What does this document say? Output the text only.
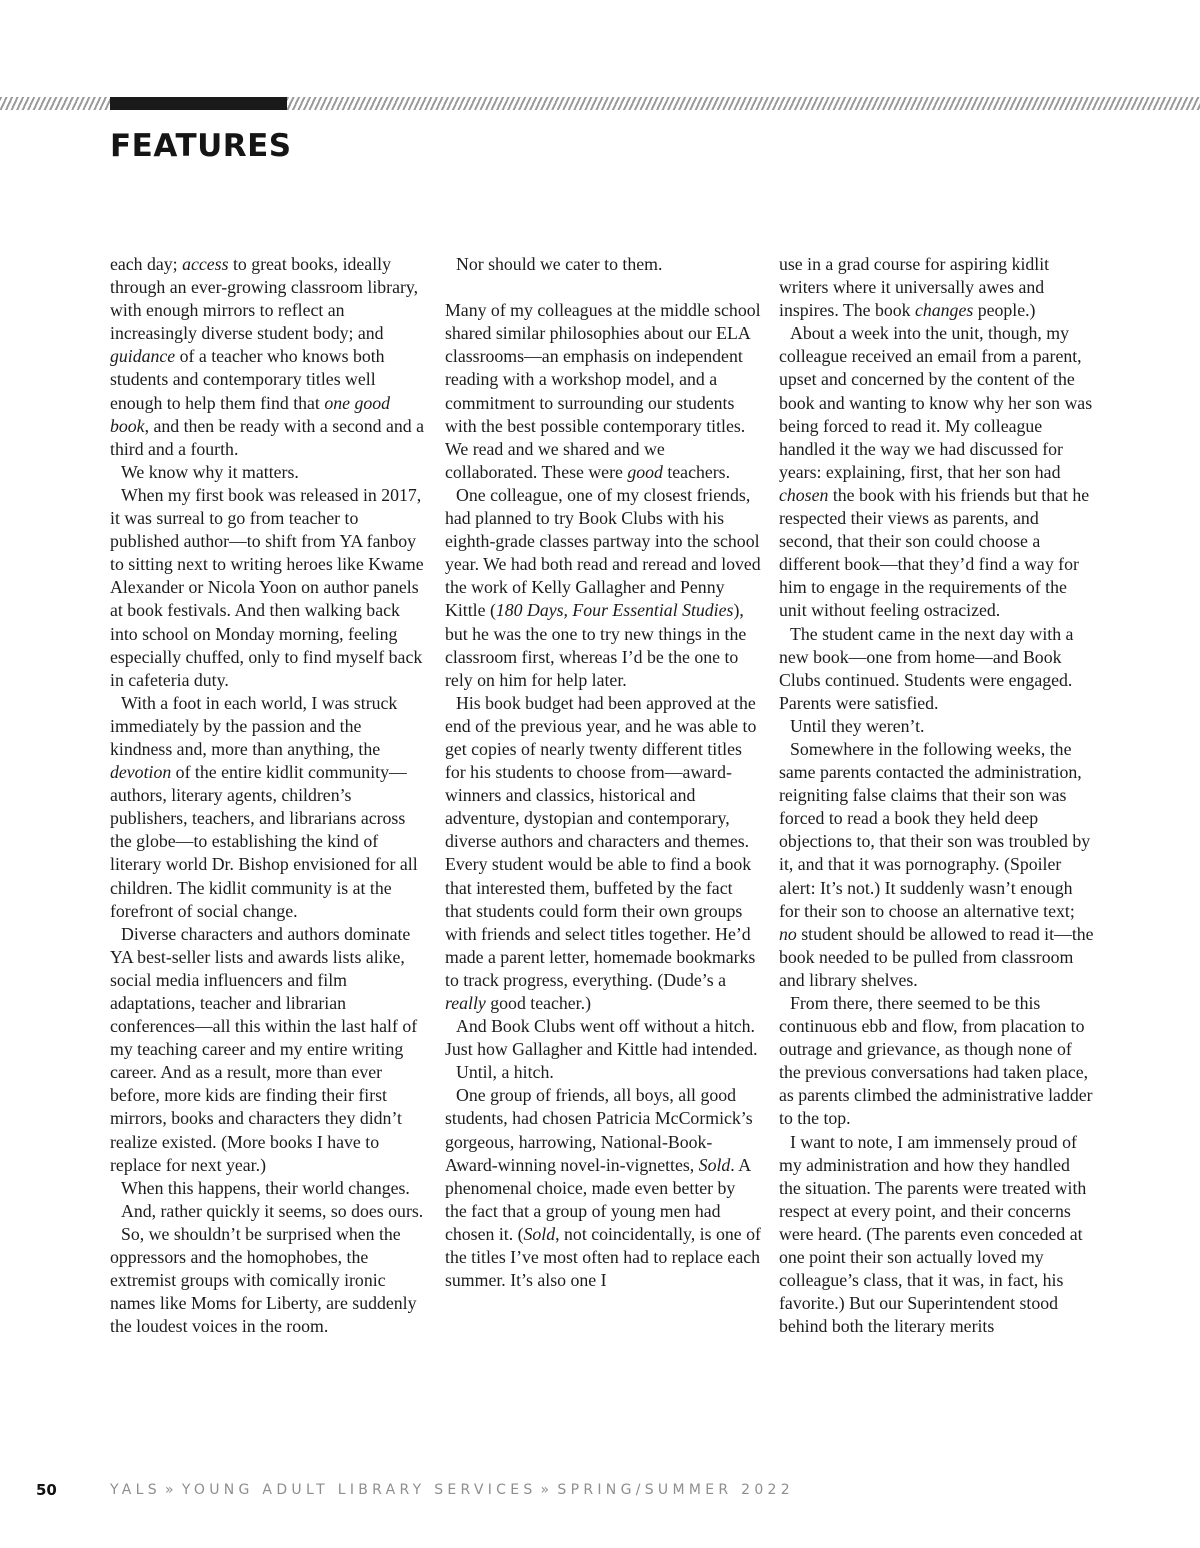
FEATURES

each day; access to great books, ideally through an ever-growing classroom library, with enough mirrors to reflect an increasingly diverse student body; and guidance of a teacher who knows both students and contemporary titles well enough to help them find that one good book, and then be ready with a second and a third and a fourth.

We know why it matters.

When my first book was released in 2017, it was surreal to go from teacher to published author—to shift from YA fanboy to sitting next to writing heroes like Kwame Alexander or Nicola Yoon on author panels at book festivals. And then walking back into school on Monday morning, feeling especially chuffed, only to find myself back in cafeteria duty.

With a foot in each world, I was struck immediately by the passion and the kindness and, more than anything, the devotion of the entire kidlit community—authors, literary agents, children’s publishers, teachers, and librarians across the globe—to establishing the kind of literary world Dr. Bishop envisioned for all children. The kidlit community is at the forefront of social change.

Diverse characters and authors dominate YA best-seller lists and awards lists alike, social media influencers and film adaptations, teacher and librarian conferences—all this within the last half of my teaching career and my entire writing career. And as a result, more than ever before, more kids are finding their first mirrors, books and characters they didn’t realize existed. (More books I have to replace for next year.)

When this happens, their world changes.

And, rather quickly it seems, so does ours.

So, we shouldn’t be surprised when the oppressors and the homophobes, the extremist groups with comically ironic names like Moms for Liberty, are suddenly the loudest voices in the room.

Nor should we cater to them.

Many of my colleagues at the middle school shared similar philosophies about our ELA classrooms—an emphasis on independent reading with a workshop model, and a commitment to surrounding our students with the best possible contemporary titles. We read and we shared and we collaborated. These were good teachers.

One colleague, one of my closest friends, had planned to try Book Clubs with his eighth-grade classes partway into the school year. We had both read and reread and loved the work of Kelly Gallagher and Penny Kittle (180 Days, Four Essential Studies), but he was the one to try new things in the classroom first, whereas I’d be the one to rely on him for help later.

His book budget had been approved at the end of the previous year, and he was able to get copies of nearly twenty different titles for his students to choose from—award-winners and classics, historical and adventure, dystopian and contemporary, diverse authors and characters and themes. Every student would be able to find a book that interested them, buffeted by the fact that students could form their own groups with friends and select titles together. He’d made a parent letter, homemade bookmarks to track progress, everything. (Dude’s a really good teacher.)

And Book Clubs went off without a hitch. Just how Gallagher and Kittle had intended.

Until, a hitch.

One group of friends, all boys, all good students, had chosen Patricia McCormick’s gorgeous, harrowing, National-Book-Award-winning novel-in-vignettes, Sold. A phenomenal choice, made even better by the fact that a group of young men had chosen it. (Sold, not coincidentally, is one of the titles I’ve most often had to replace each summer. It’s also one I

use in a grad course for aspiring kidlit writers where it universally awes and inspires. The book changes people.)

About a week into the unit, though, my colleague received an email from a parent, upset and concerned by the content of the book and wanting to know why her son was being forced to read it. My colleague handled it the way we had discussed for years: explaining, first, that her son had chosen the book with his friends but that he respected their views as parents, and second, that their son could choose a different book—that they’d find a way for him to engage in the requirements of the unit without feeling ostracized.

The student came in the next day with a new book—one from home—and Book Clubs continued. Students were engaged. Parents were satisfied.

Until they weren’t.

Somewhere in the following weeks, the same parents contacted the administration, reigniting false claims that their son was forced to read a book they held deep objections to, that their son was troubled by it, and that it was pornography. (Spoiler alert: It’s not.) It suddenly wasn’t enough for their son to choose an alternative text; no student should be allowed to read it—the book needed to be pulled from classroom and library shelves.

From there, there seemed to be this continuous ebb and flow, from placation to outrage and grievance, as though none of the previous conversations had taken place, as parents climbed the administrative ladder to the top.

I want to note, I am immensely proud of my administration and how they handled the situation. The parents were treated with respect at every point, and their concerns were heard. (The parents even conceded at one point their son actually loved my colleague’s class, that it was, in fact, his favorite.) But our Superintendent stood behind both the literary merits

50	YALS » YOUNG ADULT LIBRARY SERVICES » SPRING/SUMMER 2022
